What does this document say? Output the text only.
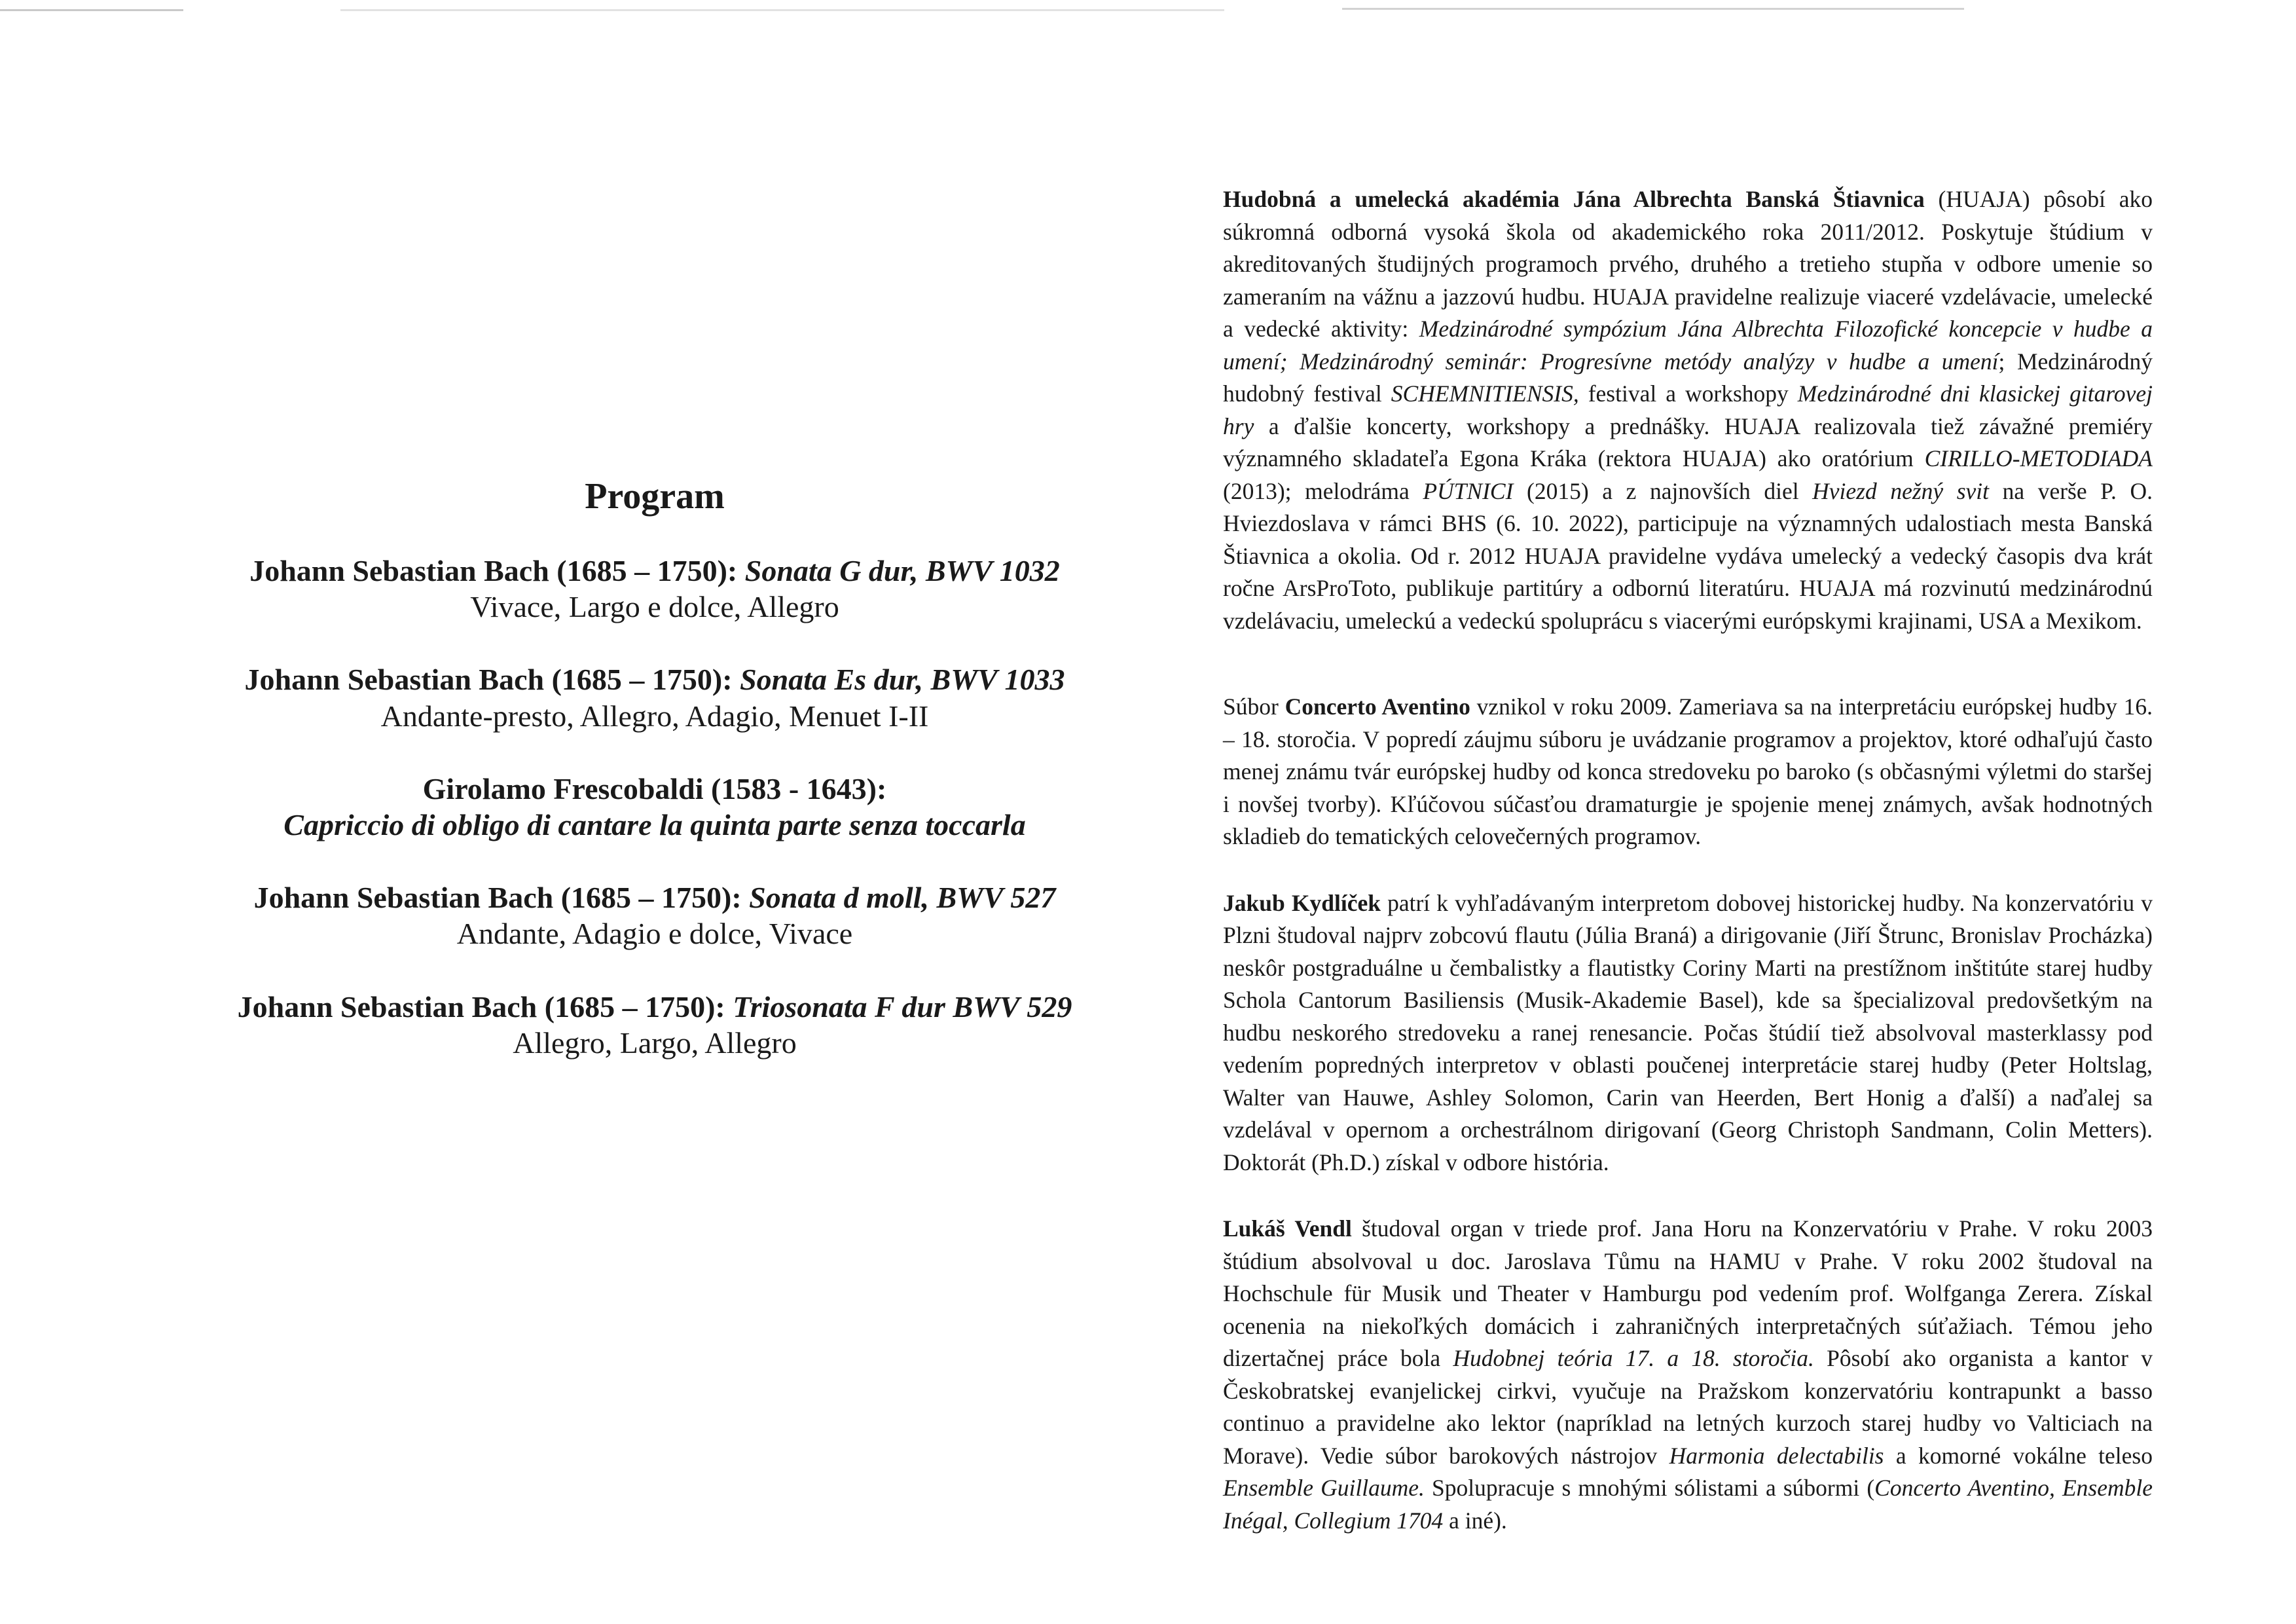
Program
Johann Sebastian Bach (1685 – 1750): Sonata G dur, BWV 1032
Vivace, Largo e dolce, Allegro
Johann Sebastian Bach (1685 – 1750): Sonata Es dur, BWV 1033
Andante-presto, Allegro, Adagio, Menuet I-II
Girolamo Frescobaldi (1583 - 1643):
Capriccio di obligo di cantare la quinta parte senza toccarla
Johann Sebastian Bach (1685 – 1750): Sonata d moll, BWV 527
Andante, Adagio e dolce, Vivace
Johann Sebastian Bach (1685 – 1750): Triosonata F dur BWV 529
Allegro, Largo, Allegro

Hudobná a umelecká akadémia Jána Albrechta Banská Štiavnica (HUAJA) pôsobí ako súkromná odborná vysoká škola od akademického roka 2011/2012. Poskytuje štúdium v akreditovaných študijných programoch prvého, druhého a tretieho stupňa v odbore umenie so zameraním na vážnu a jazzovú hudbu. HUAJA pravidelne realizuje viaceré vzdelávacie, umelecké a vedecké aktivity: Medzinárodné sympózium Jána Albrechta Filozofické koncepcie v hudbe a umení; Medzinárodný seminár: Progresívne metódy analýzy v hudbe a umení; Medzinárodný hudobný festival SCHEMNITIENSIS, festival a workshopy Medzinárodné dni klasickej gitarovej hry a ďalšie koncerty, workshopy a prednášky. HUAJA realizovala tiež závažné premiéry významného skladateľa Egona Kráka (rektora HUAJA) ako oratórium CIRILLO-METODIADA (2013); melodráma PÚTNICI (2015) a z najnovších diel Hviezd nežný svit na verše P. O. Hviezdoslava v rámci BHS (6. 10. 2022), participuje na významných udalostiach mesta Banská Štiavnica a okolia. Od r. 2012 HUAJA pravidelne vydáva umelecký a vedecký časopis dva krát ročne ArsProToto, publikuje partitúry a odbornú literatúru. HUAJA má rozvinutú medzinárodnú vzdelávaciu, umeleckú a vedeckú spoluprácu s viacerými európskymi krajinami, USA a Mexikom.

Súbor Concerto Aventino vznikol v roku 2009. Zameriava sa na interpretáciu európskej hudby 16. – 18. storočia. V popredí záujmu súboru je uvádzanie programov a projektov, ktoré odhaľujú často menej známu tvár európskej hudby od konca stredoveku po baroko (s občasnými výletmi do staršej i novšej tvorby). Kľúčovou súčasťou dramaturgie je spojenie menej známych, avšak hodnotných skladieb do tematických celovečerných programov.

Jakub Kydlíček patrí k vyhľadávaným interpretom dobovej historickej hudby. Na konzervatóriu v Plzni študoval najprv zobcovú flautu (Júlia Braná) a dirigovanie (Jiří Štrunc, Bronislav Procházka) neskôr postgraduálne u čembalistky a flautistky Coriny Marti na prestížnom inštitúte starej hudby Schola Cantorum Basiliensis (Musik-Akademie Basel), kde sa špecializoval predovšetkým na hudbu neskorého stredoveku a ranej renesancie. Počas štúdií tiež absolvoval masterklassy pod vedením popredných interpretov v oblasti poučenej interpretácie starej hudby (Peter Holtslag, Walter van Hauwe, Ashley Solomon, Carin van Heerden, Bert Honig a ďalší) a naďalej sa vzdelával v opernom a orchestrálnom dirigovaní (Georg Christoph Sandmann, Colin Metters). Doktorát (Ph.D.) získal v odbore história.

Lukáš Vendl študoval organ v triede prof. Jana Horu na Konzervatóriu v Prahe. V roku 2003 štúdium absolvoval u doc. Jaroslava Tůmu na HAMU v Prahe. V roku 2002 študoval na Hochschule für Musik und Theater v Hamburgu pod vedením prof. Wolfganga Zerera. Získal ocenenia na niekoľkých domácich i zahraničných interpretačných súťažiach. Témou jeho dizertačnej práce bola Hudobnej teória 17. a 18. storočia. Pôsobí ako organista a kantor v Českobratskej evanjelickej cirkvi, vyučuje na Pražskom konzervatóriu kontrapunkt a basso continuo a pravidelne ako lektor (napríklad na letných kurzoch starej hudby vo Valticiach na Morave). Vedie súbor barokových nástrojov Harmonia delectabilis a komorné vokálne teleso Ensemble Guillaume. Spolupracuje s mnohými sólistami a súbormi (Concerto Aventino, Ensemble Inégal, Collegium 1704 a iné).
